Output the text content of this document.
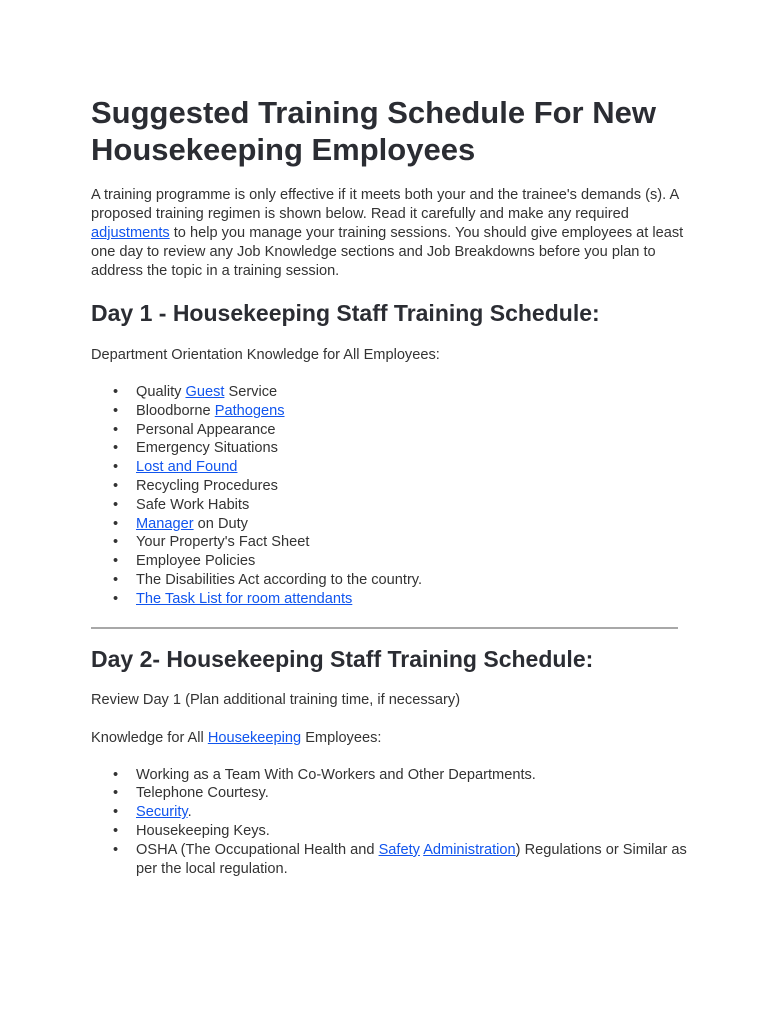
Suggested Training Schedule For New Housekeeping Employees

A training programme is only effective if it meets both your and the trainee's demands (s). A proposed training regimen is shown below. Read it carefully and make any required adjustments to help you manage your training sessions. You should give employees at least one day to review any Job Knowledge sections and Job Breakdowns before you plan to address the topic in a training session.

Day 1 - Housekeeping Staff Training Schedule:

Department Orientation Knowledge for All Employees:

• Quality Guest Service
• Bloodborne Pathogens
• Personal Appearance
• Emergency Situations
• Lost and Found
• Recycling Procedures
• Safe Work Habits
• Manager on Duty
• Your Property's Fact Sheet
• Employee Policies
• The Disabilities Act according to the country.
• The Task List for room attendants
Day 2- Housekeeping Staff Training Schedule:

Review Day 1 (Plan additional training time, if necessary)

Knowledge for All Housekeeping Employees:

• Working as a Team With Co-Workers and Other Departments.
• Telephone Courtesy.
• Security.
• Housekeeping Keys.
• OSHA (The Occupational Health and Safety Administration) Regulations or Similar as per the local regulation.
